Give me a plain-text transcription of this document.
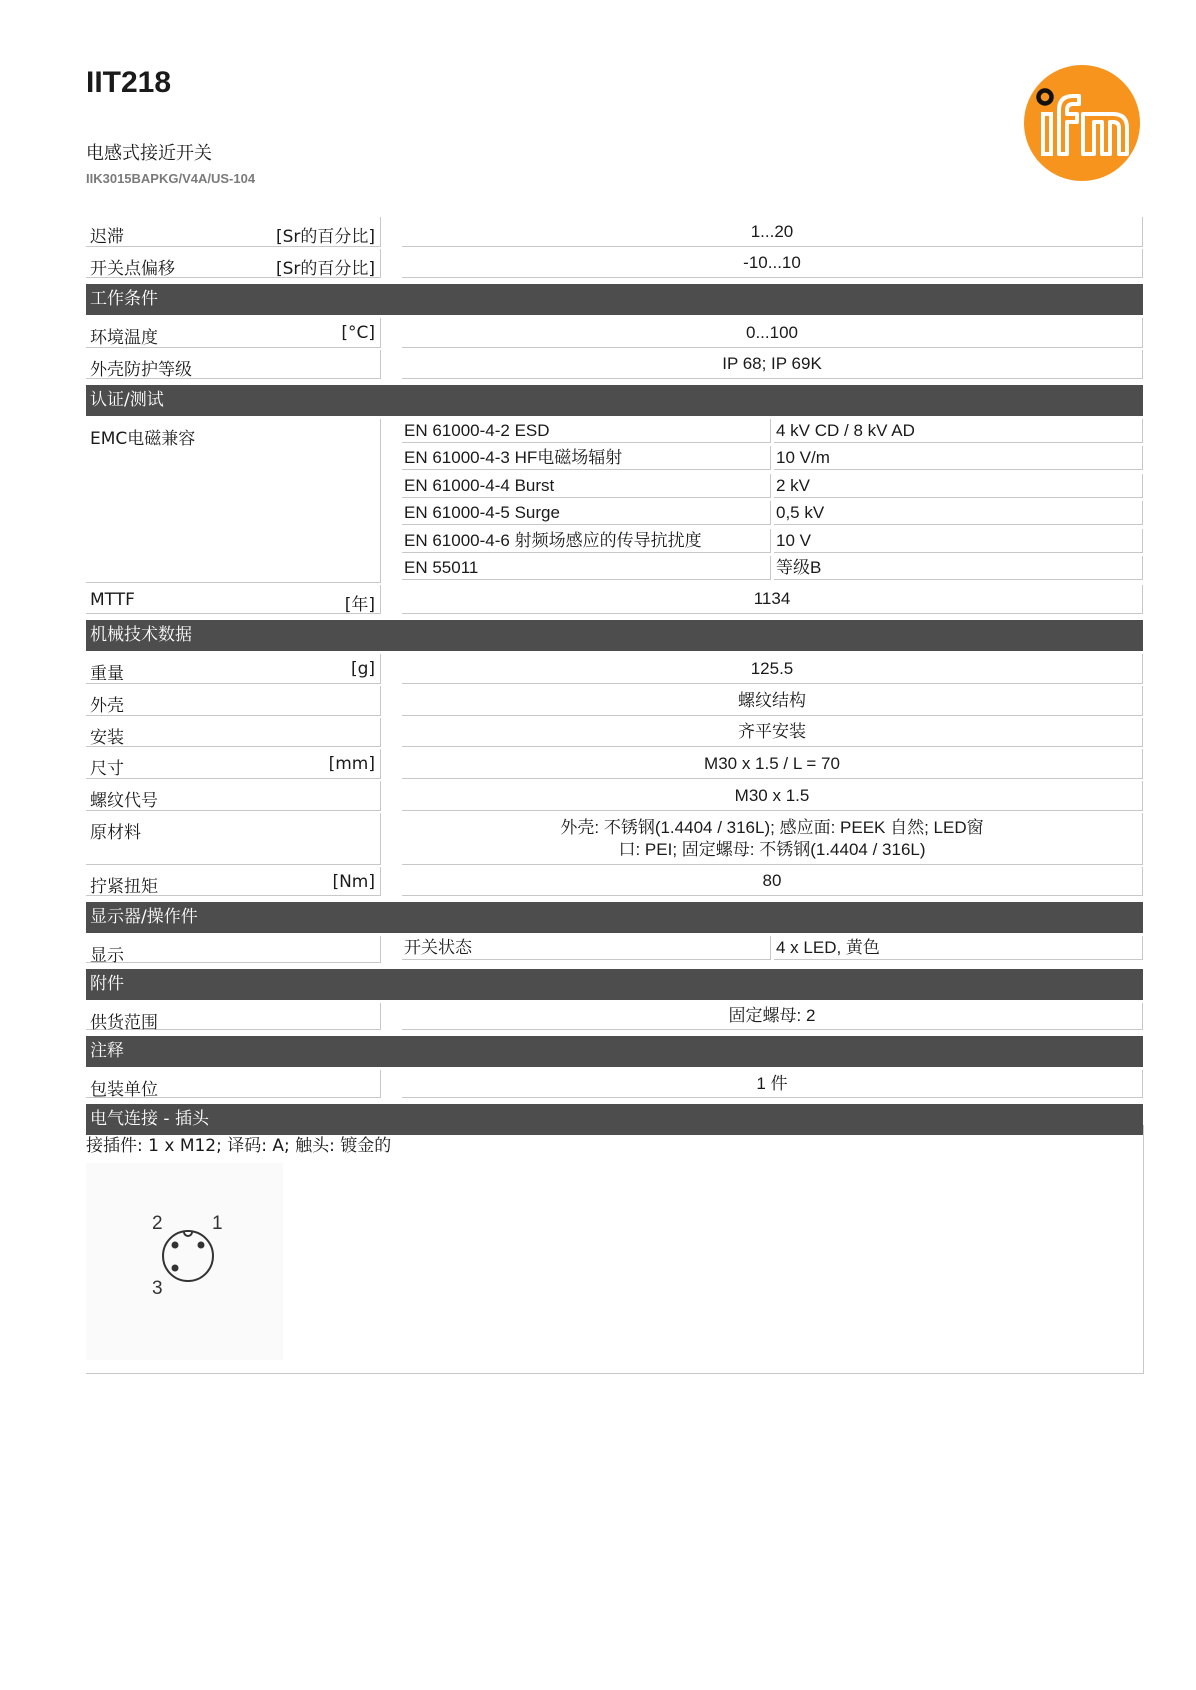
IIT218
电感式接近开关
IIK3015BAPKG/V4A/US-104
迟滞	[Sr的百分比]	1...20
开关点偏移	[Sr的百分比]	-10...10
工作条件
环境温度	[°C]	0...100
外壳防护等级	IP 68; IP 69K
认证/测试
EMC电磁兼容	EN 61000-4-2 ESD	4 kV CD / 8 kV AD
EN 61000-4-3 HF电磁场辐射	10 V/m
EN 61000-4-4 Burst	2 kV
EN 61000-4-5 Surge	0,5 kV
EN 61000-4-6 射频场感应的传导抗扰度	10 V
EN 55011	等级B
MTTF	[年]	1134
机械技术数据
重量	[g]	125.5
外壳	螺纹结构
安装	齐平安装
尺寸	[mm]	M30 x 1.5 / L = 70
螺纹代号	M30 x 1.5
原材料	外壳: 不锈钢(1.4404 / 316L); 感应面: PEEK 自然; LED窗口: PEI; 固定螺母: 不锈钢(1.4404 / 316L)
拧紧扭矩	[Nm]	80
显示器/操作件
显示	开关状态	4 x LED, 黄色
附件
供货范围	固定螺母: 2
注释
包装单位	1 件
电气连接 - 插头
接插件: 1 x M12; 译码: A; 触头: 镀金的
1
2
3
